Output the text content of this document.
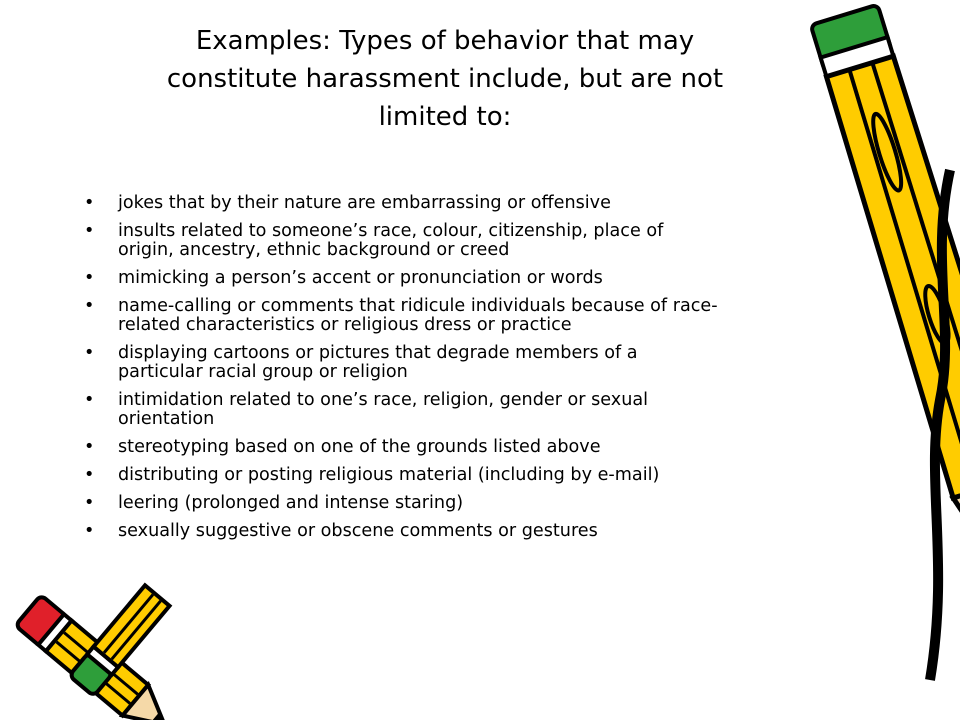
Examples: Types of behavior that may
constitute harassment include, but are not
limited to:
• jokes that by their nature are embarrassing or offensive
• insults related to someone’s race, colour, citizenship, place of
origin, ancestry, ethnic background or creed
• mimicking a person’s accent or pronunciation or words
• name-calling or comments that ridicule individuals because of race-
related characteristics or religious dress or practice
• displaying cartoons or pictures that degrade members of a
particular racial group or religion
• intimidation related to one’s race, religion, gender or sexual
orientation
• stereotyping based on one of the grounds listed above
• distributing or posting religious material (including by e-mail)
• leering (prolonged and intense staring)
• sexually suggestive or obscene comments or gestures
